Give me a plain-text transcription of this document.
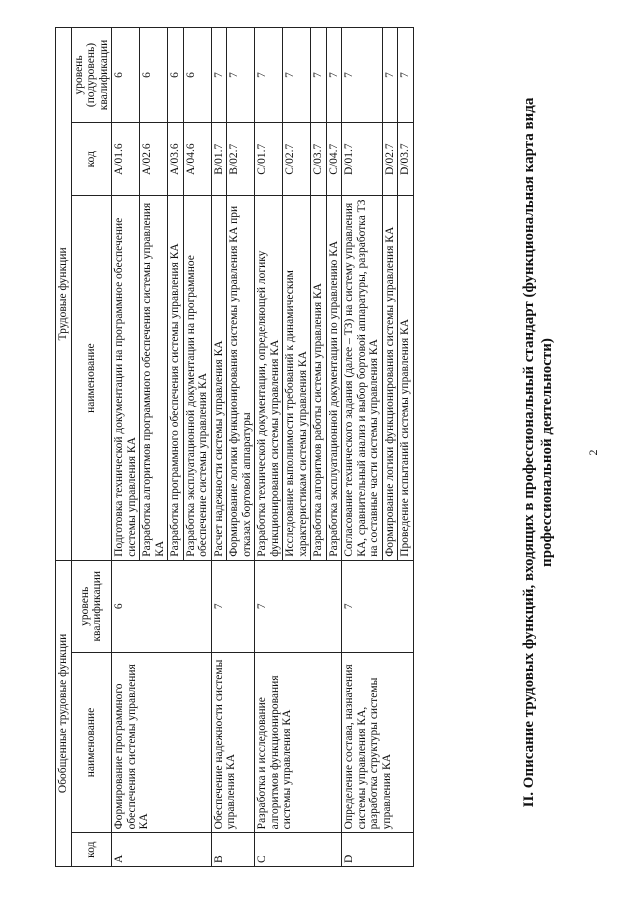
2
II. Описание трудовых функций, входящих в профессиональный стандарт (функциональная карта вида профессиональной деятельности)
Обобщенные трудовые функции			Трудовые функции		
код	наименование	уровень квалификации	наименование	код	уровень (подуровень) квалификации
A	Формирование программного обеспечения системы управления КА	6	Подготовка технической документации на программное обеспечение системы управления КА	A/01.6	6
			Разработка алгоритмов программного обеспечения системы управления КА	A/02.6	6
			Разработка программного обеспечения системы управления КА	A/03.6	6
			Разработка эксплуатационной документации на программное обеспечение системы управления КА	A/04.6	6
B	Обеспечение надежности системы управления КА	7	Расчет надежности системы управления КА	B/01.7	7
			Формирование логики функционирования системы управления КА при отказах бортовой аппаратуры	B/02.7	7
C	Разработка и исследование алгоритмов функционирования системы управления КА	7	Разработка технической документации, определяющей логику функционирования системы управления КА	C/01.7	7
			Исследование выполнимости требований к динамическим характеристикам системы управления КА	C/02.7	7
			Разработка алгоритмов работы системы управления КА	C/03.7	7
			Разработка эксплуатационной документации по управлению КА	C/04.7	7
D	Определение состава, назначения системы управления КА, разработка структуры системы управления КА	7	Согласование технического задания (далее – ТЗ) на систему управления КА, сравнительный анализ и выбор бортовой аппаратуры, разработка ТЗ на составные части системы управления КА	D/01.7	7
			Формирование логики функционирования системы управления КА	D/02.7	7
			Проведение испытаний системы управления КА	D/03.7	7
